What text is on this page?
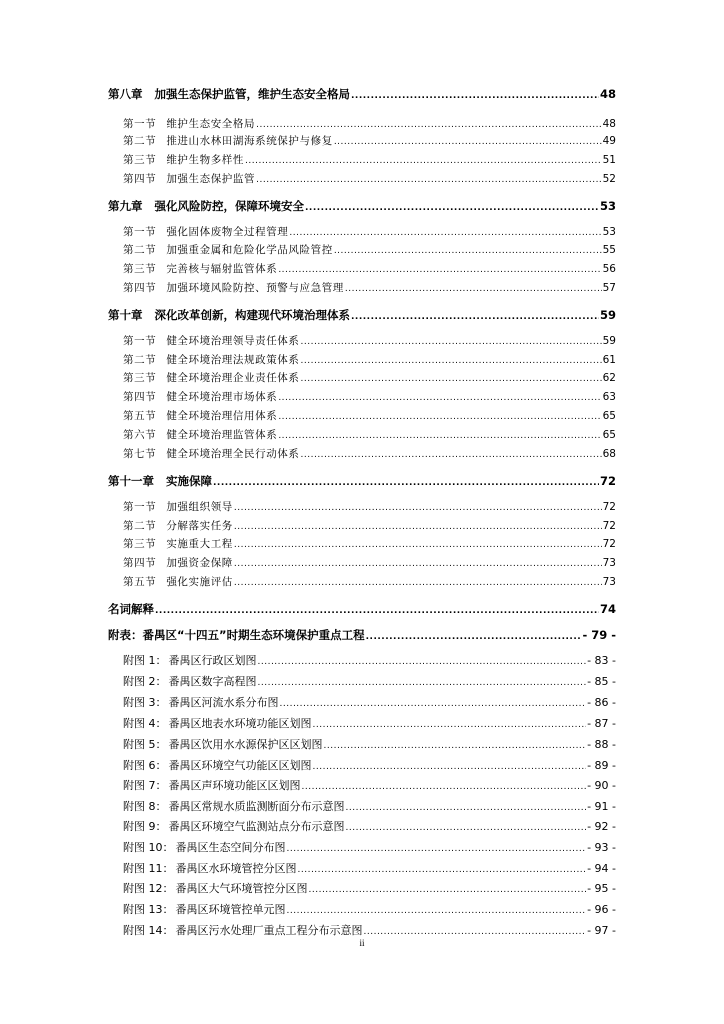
第八章 加强生态保护监管，维护生态安全格局 .....	48
第一节 维护生态安全格局 .....	48
第二节 推进山水林田湖海系统保护与修复 .....	49
第三节 维护生物多样性 .....	51
第四节 加强生态保护监管 .....	52
第九章 强化风险防控，保障环境安全 .....	53
第一节 强化固体废物全过程管理 .....	53
第二节 加强重金属和危险化学品风险管控 .....	55
第三节 完善核与辐射监管体系 .....	56
第四节 加强环境风险防控、预警与应急管理 .....	57
第十章 深化改革创新，构建现代环境治理体系 .....	59
第一节 健全环境治理领导责任体系 .....	59
第二节 健全环境治理法规政策体系 .....	61
第三节 健全环境治理企业责任体系 .....	62
第四节 健全环境治理市场体系 .....	63
第五节 健全环境治理信用体系 .....	65
第六节 健全环境治理监管体系 .....	65
第七节 健全环境治理全民行动体系 .....	68
第十一章 实施保障 .....	72
第一节 加强组织领导 .....	72
第二节 分解落实任务 .....	72
第三节 实施重大工程 .....	72
第四节 加强资金保障 .....	73
第五节 强化实施评估 .....	73
名词解释 .....	74
附表：番禺区“十四五”时期生态环境保护重点工程 .....	- 79 -
附图 1： 番禺区行政区划图 .....	- 83 -
附图 2： 番禺区数字高程图 .....	- 85 -
附图 3： 番禺区河流水系分布图 .....	- 86 -
附图 4： 番禺区地表水环境功能区划图 .....	- 87 -
附图 5： 番禺区饮用水水源保护区区划图 .....	- 88 -
附图 6： 番禺区环境空气功能区区划图 .....	- 89 -
附图 7： 番禺区声环境功能区区划图 .....	- 90 -
附图 8： 番禺区常规水质监测断面分布示意图 .....	- 91 -
附图 9： 番禺区环境空气监测站点分布示意图 .....	- 92 -
附图 10： 番禺区生态空间分布图 .....	- 93 -
附图 11： 番禺区水环境管控分区图 .....	- 94 -
附图 12： 番禺区大气环境管控分区图 .....	- 95 -
附图 13： 番禺区环境管控单元图 .....	- 96 -
附图 14： 番禺区污水处理厂重点工程分布示意图 .....	- 97 -
ii
